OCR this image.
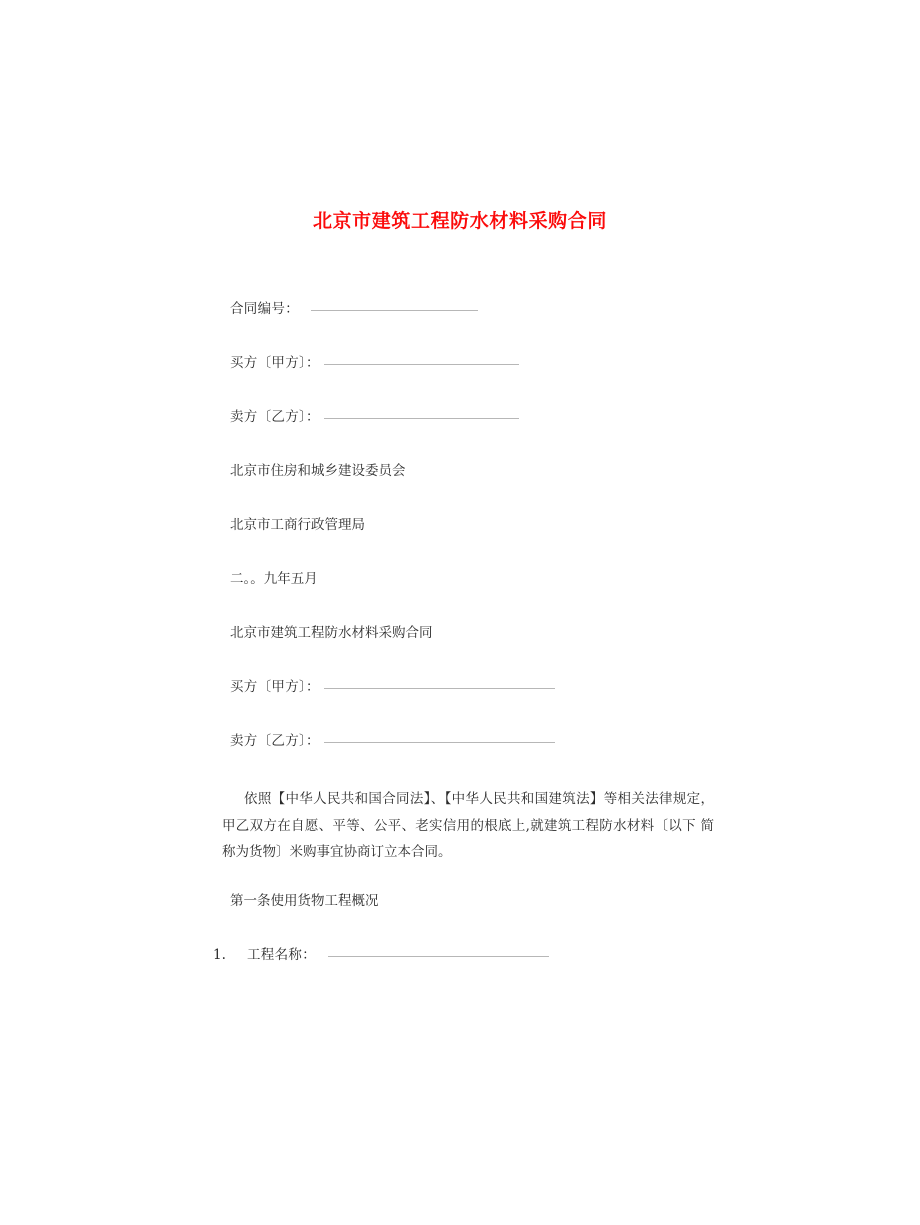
北京市建筑工程防水材料采购合同
合同编号：
买方〔甲方〕：
卖方〔乙方〕：
北京市住房和城乡建设委员会
北京市工商行政管理局
二。。九年五月
北京市建筑工程防水材料采购合同
买方〔甲方〕：
卖方〔乙方〕：
依照【中华人民共和国合同法】、【中华人民共和国建筑法】等相关法律规定，甲乙双方在自愿、平等、公平、老实信用的根底上,就建筑工程防水材料〔以下 简称为货物〕米购事宜协商订立本合同。
第一条使用货物工程概况
1.	工程名称：
